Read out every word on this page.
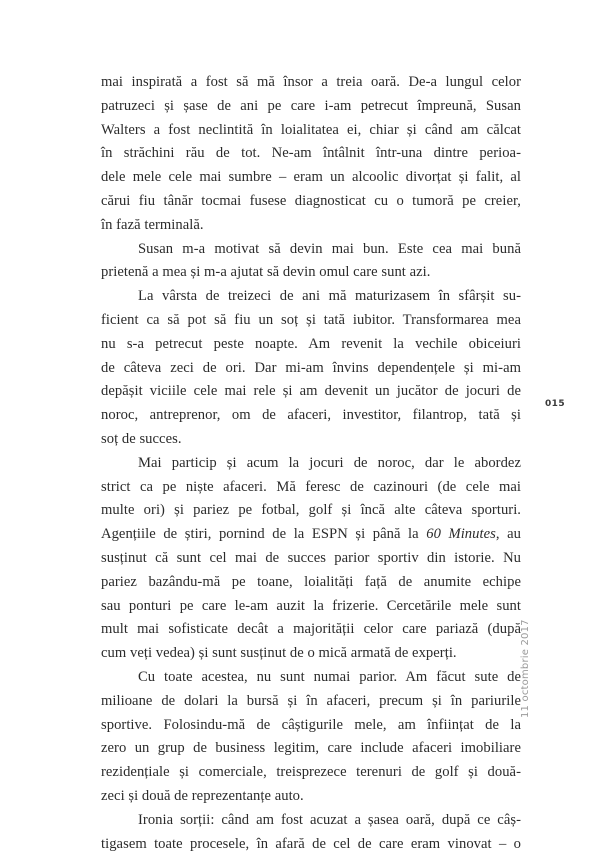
mai inspirată a fost să mă însor a treia oară. De-a lungul celor
patruzeci și șase de ani pe care i-am petrecut împreună, Susan
Walters a fost neclintită în loialitatea ei, chiar și când am călcat
în străchini rău de tot. Ne-am întâlnit într-una dintre perioa-
dele mele cele mai sumbre – eram un alcoolic divorțat și falit, al
cărui fiu tânăr tocmai fusese diagnosticat cu o tumoră pe creier,
în fază terminală.
Susan m-a motivat să devin mai bun. Este cea mai bună
prietenă a mea și m-a ajutat să devin omul care sunt azi.
La vârsta de treizeci de ani mă maturizasem în sfârșit su-
ficient ca să pot să fiu un soț și tată iubitor. Transformarea mea
nu s-a petrecut peste noapte. Am revenit la vechile obiceiuri
de câteva zeci de ori. Dar mi-am învins dependențele și mi-am
depășit viciile cele mai rele și am devenit un jucător de jocuri de
noroc, antreprenor, om de afaceri, investitor, filantrop, tată și
soț de succes.
Mai particip și acum la jocuri de noroc, dar le abordez
strict ca pe niște afaceri. Mă feresc de cazinouri (de cele mai
multe ori) și pariez pe fotbal, golf și încă alte câteva sporturi.
Agențiile de știri, pornind de la ESPN și până la 60 Minutes, au
susținut că sunt cel mai de succes parior sportiv din istorie. Nu
pariez bazându-mă pe toane, loialități față de anumite echipe
sau ponturi pe care le-am auzit la frizerie. Cercetările mele sunt
mult mai sofisticate decât a majorității celor care pariază (după
cum veți vedea) și sunt susținut de o mică armată de experți.
Cu toate acestea, nu sunt numai parior. Am făcut sute de
milioane de dolari la bursă și în afaceri, precum și în pariurile
sportive. Folosindu-mă de câștigurile mele, am înființat de la
zero un grup de business legitim, care include afaceri imobiliare
rezidențiale și comerciale, treisprezece terenuri de golf și două-
zeci și două de reprezentanțe auto.
Ironia sorții: când am fost acuzat a șasea oară, după ce câș-
tigasem toate procesele, în afară de cel de care eram vinovat – o
015
11 octombrie 2017
